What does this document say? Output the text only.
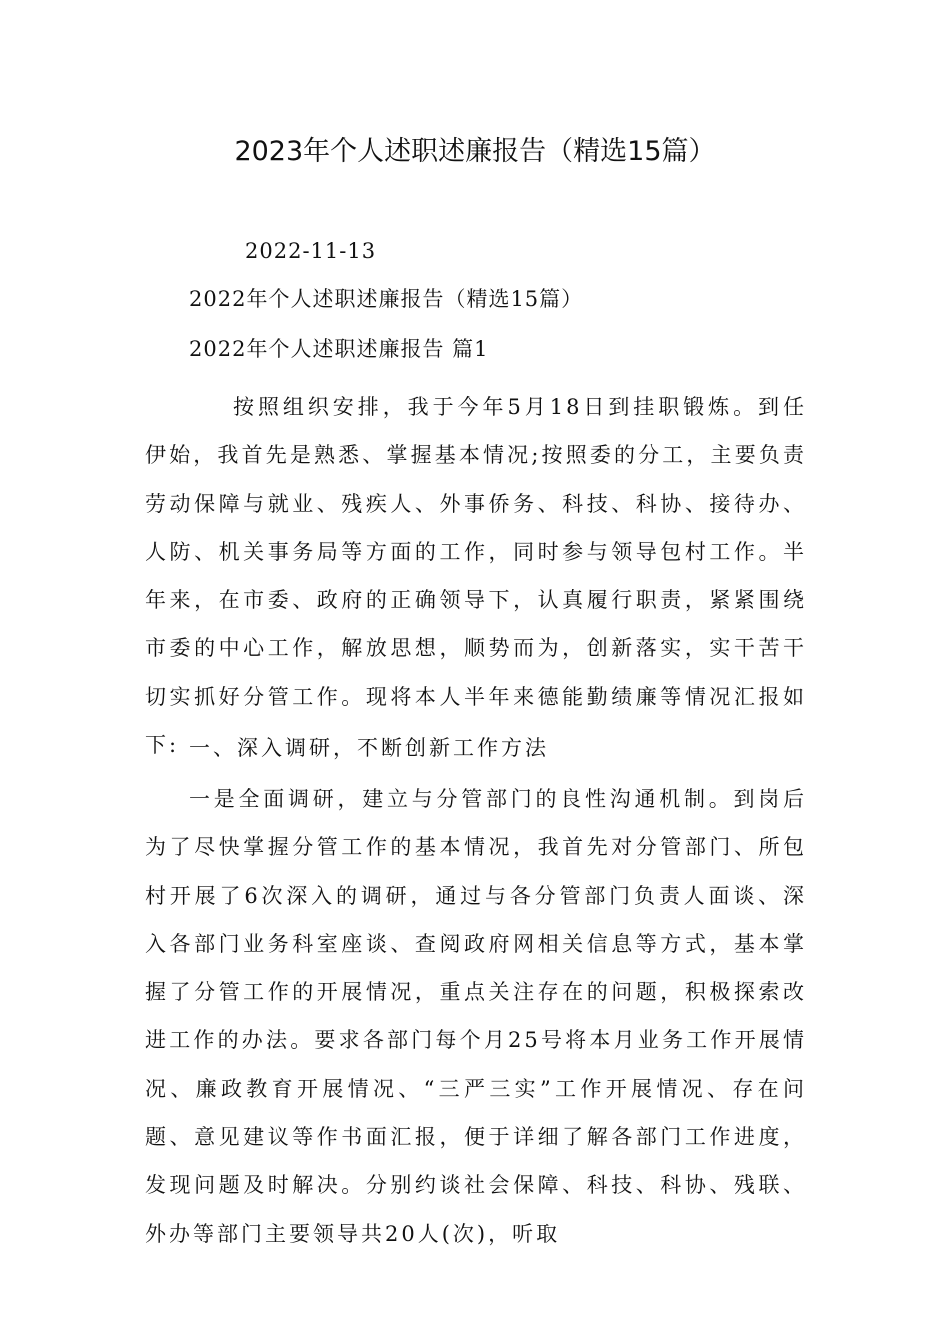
2023年个人述职述廉报告（精选15篇）
2022-11-13
2022年个人述职述廉报告（精选15篇）
2022年个人述职述廉报告 篇1
按照组织安排，我于今年5月18日到挂职锻炼。到任伊始，我首先是熟悉、掌握基本情况;按照委的分工，主要负责劳动保障与就业、残疾人、外事侨务、科技、科协、接待办、人防、机关事务局等方面的工作，同时参与领导包村工作。半年来，在市委、政府的正确领导下，认真履行职责，紧紧围绕市委的中心工作，解放思想，顺势而为，创新落实，实干苦干切实抓好分管工作。现将本人半年来德能勤绩廉等情况汇报如下: 一、深入调研，不断创新工作方法
一是全面调研，建立与分管部门的良性沟通机制。到岗后为了尽快掌握分管工作的基本情况，我首先对分管部门、所包村开展了6次深入的调研，通过与各分管部门负责人面谈、深入各部门业务科室座谈、查阅政府网相关信息等方式，基本掌握了分管工作的开展情况，重点关注存在的问题，积极探索改进工作的办法。要求各部门每个月25号将本月业务工作开展情况、廉政教育开展情况、“三严三实”工作开展情况、存在问题、意见建议等作书面汇报，便于详细了解各部门工作进度，发现问题及时解决。分别约谈社会保障、科技、科协、残联、外办等部门主要领导共20人(次)，听取
